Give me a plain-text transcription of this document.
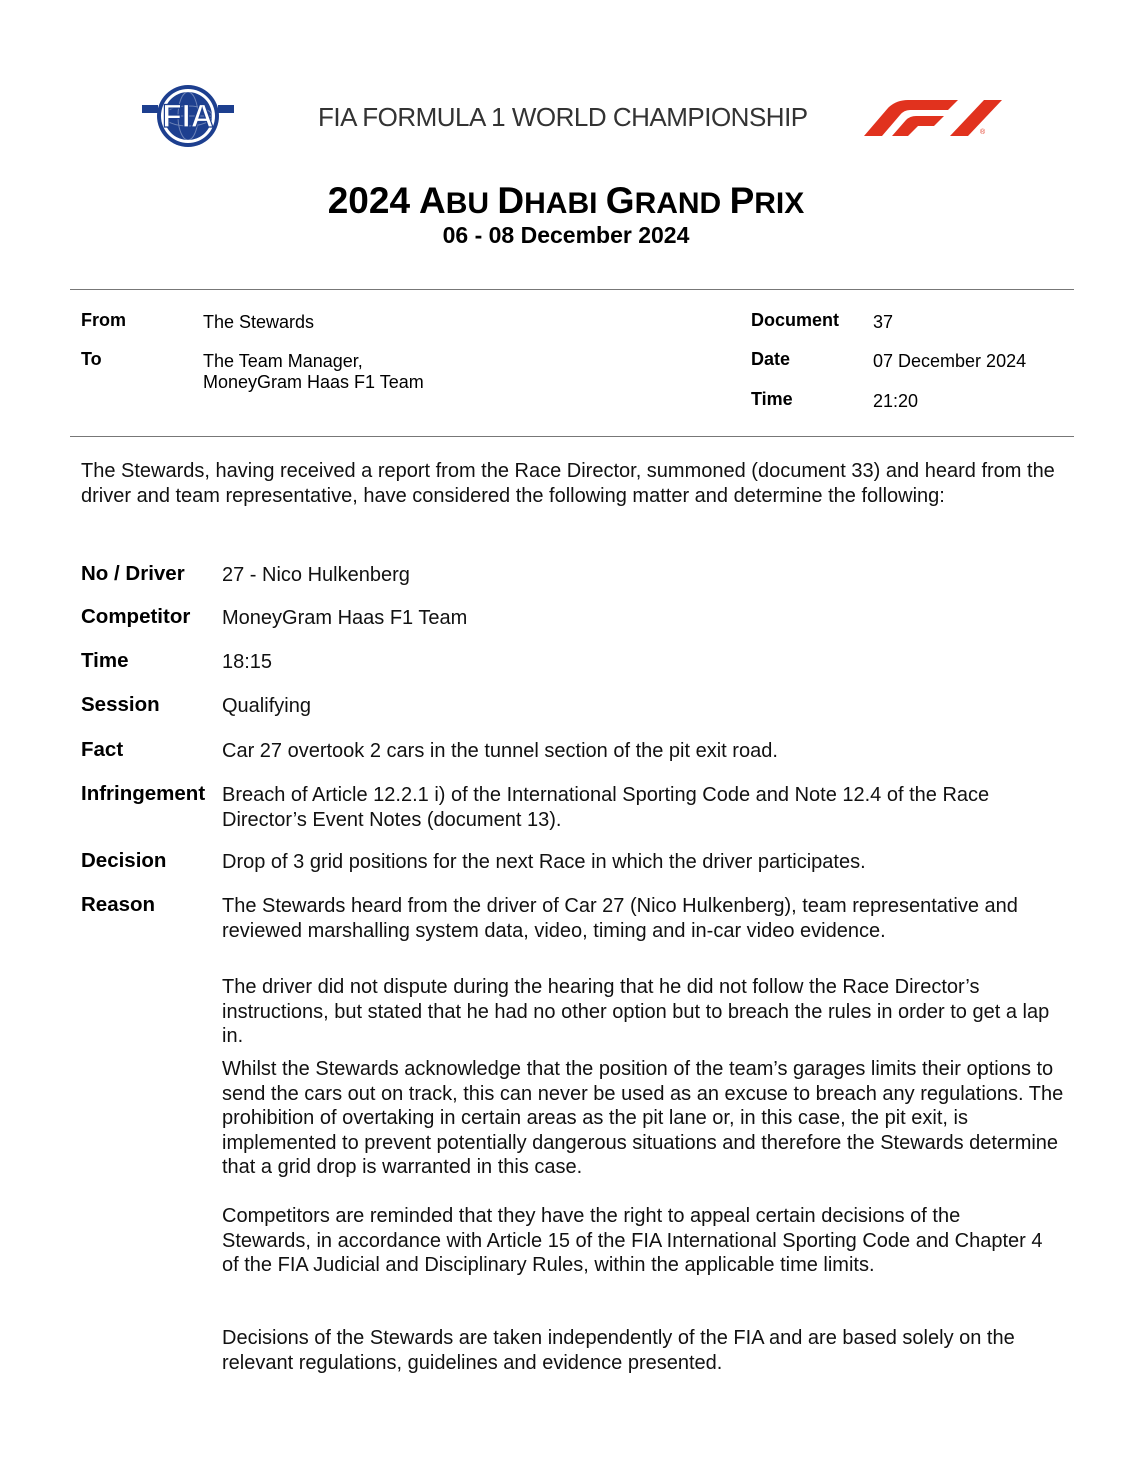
FIA	FIA FORMULA 1 WORLD CHAMPIONSHIP
®
2024 ABU DHABI GRAND PRIX
06 - 08 December 2024
From	The Stewards
To	The Team Manager,
MoneyGram Haas F1 Team
Document 37
Date	07 December 2024
Time	21:20
The Stewards, having received a report from the Race Director, summoned (document 33) and heard from the driver and team representative, have considered the following matter and determine the following:
No / Driver 27 - Nico Hulkenberg
Competitor MoneyGram Haas F1 Team
Time	18:15
Session	Qualifying
Fact	Car 27 overtook 2 cars in the tunnel section of the pit exit road.
Infringement Breach of Article 12.2.1 i) of the International Sporting Code and Note 12.4 of the Race Director’s Event Notes (document 13).
Decision	Drop of 3 grid positions for the next Race in which the driver participates.
Reason	The Stewards heard from the driver of Car 27 (Nico Hulkenberg), team representative and reviewed marshalling system data, video, timing and in-car video evidence.
The driver did not dispute during the hearing that he did not follow the Race Director’s instructions, but stated that he had no other option but to breach the rules in order to get a lap in.
Whilst the Stewards acknowledge that the position of the team’s garages limits their options to send the cars out on track, this can never be used as an excuse to breach any regulations. The prohibition of overtaking in certain areas as the pit lane or, in this case, the pit exit, is implemented to prevent potentially dangerous situations and therefore the Stewards determine that a grid drop is warranted in this case.
Competitors are reminded that they have the right to appeal certain decisions of the Stewards, in accordance with Article 15 of the FIA International Sporting Code and Chapter 4 of the FIA Judicial and Disciplinary Rules, within the applicable time limits.
Decisions of the Stewards are taken independently of the FIA and are based solely on the relevant regulations, guidelines and evidence presented.
